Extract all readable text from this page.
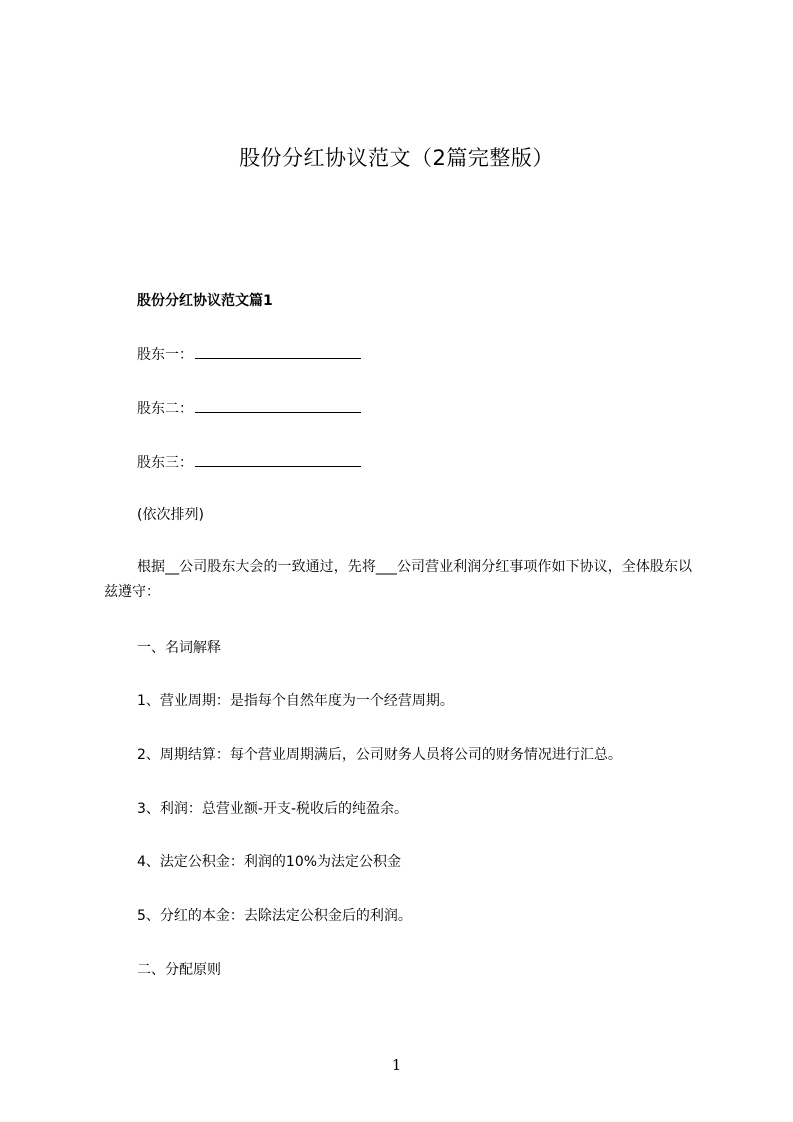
股份分红协议范文（2篇完整版）
股份分红协议范文篇1
股东一：
股东二：
股东三：
(依次排列)
根据__公司股东大会的一致通过，先将___公司营业利润分红事项作如下协议，全体股东以兹遵守：
一、名词解释
1、营业周期：是指每个自然年度为一个经营周期。
2、周期结算：每个营业周期满后，公司财务人员将公司的财务情况进行汇总。
3、利润：总营业额-开支-税收后的纯盈余。
4、法定公积金：利润的10%为法定公积金
5、分红的本金：去除法定公积金后的利润。
二、分配原则
1
